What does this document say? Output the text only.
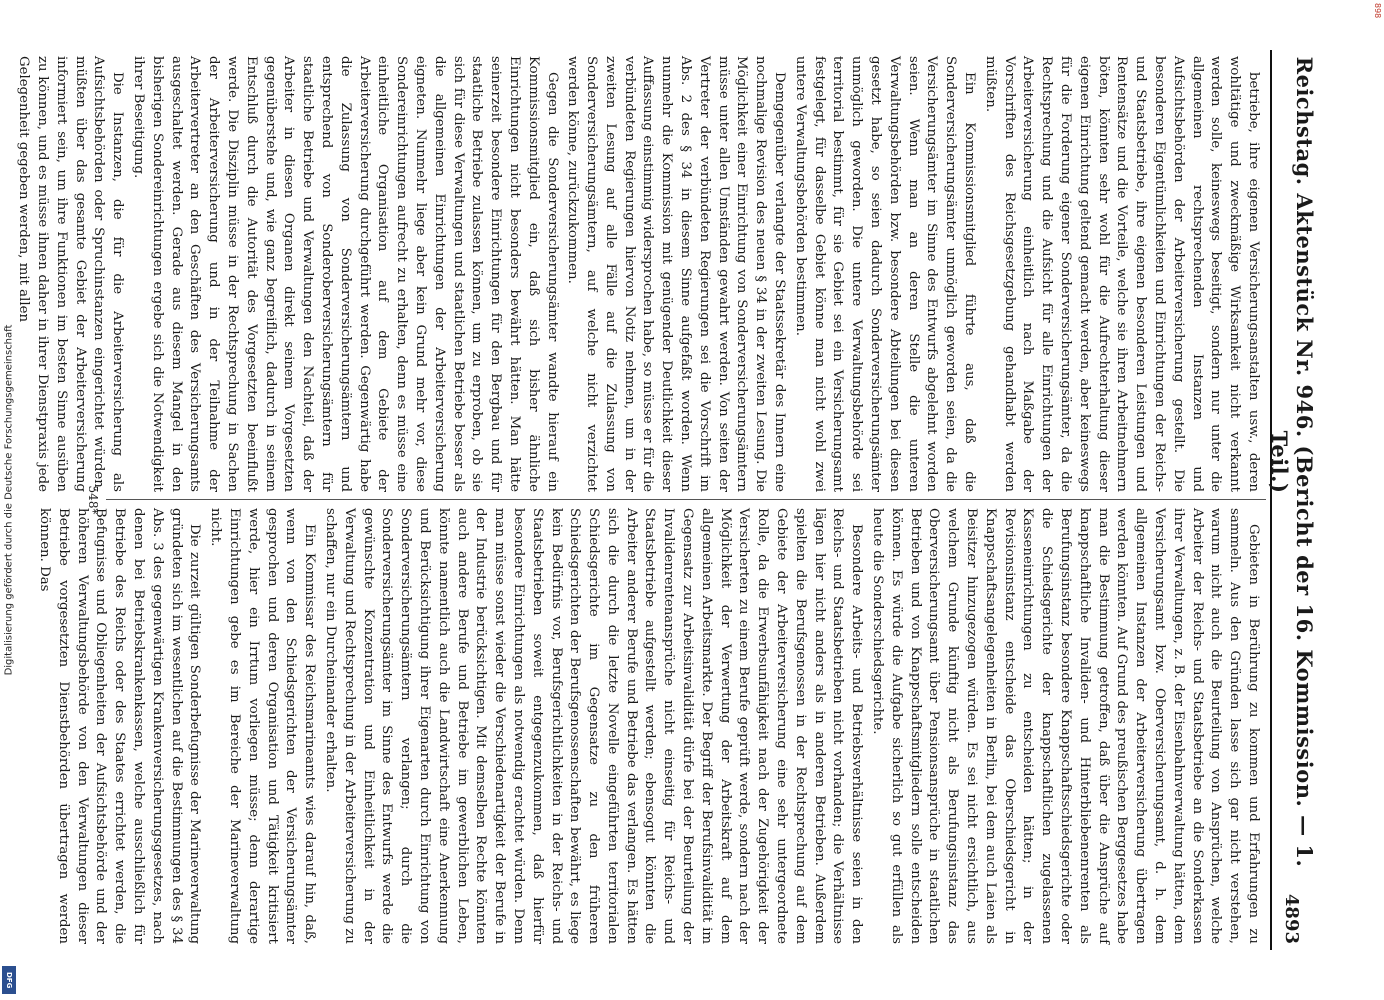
Digitalisierung gefördert durch die Deutsche Forschungsgemeinschaft
DFG
898
Reichstag. Aktenstück Nr. 946. (Bericht der 16. Kommission. — 1. Teil.)
4893

betriebe, ihre eigenen Versicherungsanstalten usw., deren wohltätige und zweckmäßige Wirksamkeit nicht verkannt werden solle, keineswegs beseitigt, sondern nur unter die allgemeinen rechtsprechenden Instanzen und Aufsichtsbehörden der Arbeiterversicherung gestellt. Die besonderen Eigentümlichkeiten und Einrichtungen der Reichs- und Staatsbetriebe, ihre eigenen besonderen Leistungen und Rentensätze und die Vorteile, welche sie ihren Arbeitnehmern böten, könnten sehr wohl für die Aufrechterhaltung dieser eigenen Einrichtung geltend gemacht werden, aber keineswegs für die Forderung eigener Sonderversicherungsämter, da die Rechtsprechung und die Aufsicht für alle Einrichtungen der Arbeiterversicherung einheitlich nach Maßgabe der Vorschriften des Reichsgesetzgebung gehandhabt werden müßten.

Ein Kommissionsmitglied führte aus, daß die Sonderversicherungsämter unmöglich geworden seien, da die Versicherungsämter im Sinne des Entwurfs abgelehnt worden seien. Wenn man an deren Stelle die unteren Verwaltungsbehörden bzw. besondere Abteilungen bei diesen gesetzt habe, so seien dadurch Sonderversicherungsämter unmöglich geworden. Die untere Verwaltungsbehörde sei territorial bestimmt, für sie Gebiet sei ein Versicherungsamt festgelegt, für dasselbe Gebiet könne man nicht wohl zwei untere Verwaltungsbehörden bestimmen.

Demgegenüber verlangte der Staatssekretär des Innern eine nochmalige Revision des neuen § 34 in der zweiten Lesung. Die Möglichkeit einer Einrichtung von Sonderversicherungsämtern müsse unter allen Umständen gewahrt werden. Von seiten der Vertreter der verbündeten Regierungen sei die Vorschrift im Abs. 2 des § 34 in diesem Sinne aufgefaßt worden. Wenn nunmehr die Kommission mit genügender Deutlichkeit dieser Auffassung einstimmig widersprochen habe, so müsse er für die verbündeten Regierungen hiervon Notiz nehmen, um in der zweiten Lesung auf alle Fälle auf die Zulassung von Sonderversicherungsämtern, auf welche nicht verzichtet werden könne, zurückzukommen.

Gegen die Sonderversicherungsämter wandte hierauf ein Kommissionsmitglied ein, daß sich bisher ähnliche Einrichtungen nicht besonders bewährt hätten. Man hätte seinerzeit besondere Einrichtungen für den Bergbau und für staatliche Betriebe zulassen können, um zu erproben, ob sie sich für diese Verwaltungen und staatlichen Betriebe besser als die allgemeinen Einrichtungen der Arbeiterversicherung eigneten. Nunmehr liege aber kein Grund mehr vor, diese Sondereinrichtungen aufrecht zu erhalten, denn es müsse eine einheitliche Organisation auf dem Gebiete der Arbeiterversicherung durchgeführt werden. Gegenwärtig habe die Zulassung von Sonderversicherungsämtern und entsprechend von Sonderoberversicherungsämtern für staatliche Betriebe und Verwaltungen den Nachteil, daß der Arbeiter in diesen Organen direkt seinem Vorgesetzten gegenüberstehe und, wie ganz begreiflich, dadurch in seinem Entschluß durch die Autorität des Vorgesetzten beeinflußt werde. Die Disziplin müsse in der Rechtsprechung in Sachen der Arbeiterversicherung und in der Teilnahme der Arbeitervertreter an den Geschäften des Versicherungsamts ausgeschaltet werden. Gerade aus diesem Mangel in den bisherigen Sondereinrichtungen ergebe sich die Notwendigkeit ihrer Beseitigung.

Die Instanzen, die für die Arbeiterversicherung als Aufsichtsbehörden oder Spruchinstanzen eingerichtet würden, müßten über das gesamte Gebiet der Arbeiterversicherung informiert sein, um ihre Funktionen im besten Sinne ausüben zu können, und es müsse ihnen daher in ihrer Dienstpraxis jede Gelegenheit gegeben werden, mit allen

Gebieten in Berührung zu kommen und Erfahrungen zu sammeln. Aus den Gründen lasse sich gar nicht verstehen, warum nicht auch die Beurteilung von Ansprüchen, welche Arbeiter der Reichs- und Staatsbetriebe an die Sonderkassen ihrer Verwaltungen, z. B. der Eisenbahnverwaltung hätten, dem Versicherungsamt bzw. Oberversicherungsamt, d. h. dem allgemeinen Instanzen der Arbeiterversicherung übertragen werden könnten. Auf Grund des preußischen Berggesetzes habe man die Bestimmung getroffen, daß über die Ansprüche auf knappschaftliche Invaliden- und Hinterbliebenenrenten als Berufungsinstanz besondere Knappschaftsschiedsgerichte oder die Schiedsgerichte der knappschaftlichen zugelassenen Kasseneinrichtungen zu entscheiden hätten; in der Revisionsinstanz entscheide das Oberschiedsgericht in Knappschaftsangelegenheiten in Berlin, bei dem auch Laien als Beisitzer hinzugezogen würden. Es sei nicht ersichtlich, aus welchem Grunde künftig nicht als Berufungsinstanz das Oberversicherungsamt über Pensionsansprüche in staatlichen Betrieben und von Knappschaftsmitgliedern solle entscheiden können. Es würde die Aufgabe sicherlich so gut erfüllen als heute die Sonderschiedsgerichte.

Besondere Arbeits- und Betriebsverhältnisse seien in den Reichs- und Staatsbetrieben nicht vorhanden; die Verhältnisse lägen hier nicht anders als in anderen Betrieben. Außerdem spielten die Berufsgenossen in der Rechtsprechung auf dem Gebiete der Arbeiterversicherung eine sehr untergeordnete Rolle, da die Erwerbsunfähigkeit nach der Zugehörigkeit der Versicherten zu einem Berufe geprüft werde, sondern nach der Möglichkeit der Verwertung der Arbeitskraft auf dem allgemeinen Arbeitsmarkte. Der Begriff der Berufsinvalidität im Gegensatz zur Arbeitsinvalidität dürfe bei der Beurteilung der Invalidenrentenansprüche nicht einseitig für Reichs- und Staatsbetriebe aufgestellt werden; ebensogut könnten die Arbeiter anderer Berufe und Betriebe das verlangen. Es hätten sich die durch die letzte Novelle eingeführten territorialen Schiedsgerichte im Gegensatze zu den früheren Schiedsgerichten der Berufsgenossenschaften bewährt, es liege kein Bedürfnis vor, Berufsgerichtlichkeiten in der Reichs- und Staatsbetrieben soweit entgegenzukommen, daß hierfür besondere Einrichtungen als notwendig erachtet würden. Denn man müsse sonst wieder die Verschiedenartigkeit der Berufe in der Industrie berücksichtigen. Mit demselben Rechte könnten auch andere Berufe und Betriebe im gewerblichen Leben, könnte namentlich auch die Landwirtschaft eine Anerkennung und Berücksichtigung ihrer Eigenarten durch Einrichtung von Sonderversicherungsämtern verlangen; durch die Sonderversicherungsämter im Sinne des Entwurfs werde die gewünschte Konzentration und Einheitlichkeit in der Verwaltung und Rechtsprechung in der Arbeiterversicherung zu schaffen, nur ein Durcheinander erhalten.

Ein Kommissar des Reichsmarineamts wies darauf hin, daß, wenn von den Schiedsgerichten der Versicherungsämter gesprochen und deren Organisation und Tätigkeit kritisiert werde, hier ein Irrtum vorliegen müsse; denn derartige Einrichtungen gebe es im Bereiche der Marineverwaltung nicht.

Die zurzeit gültigen Sonderbefugnisse der Marineverwaltung gründeten sich im wesentlichen auf die Bestimmungen des § 34 Abs. 3 des gegenwärtigen Krankenversicherungsgesetzes, nach denen bei Betriebskrankenkassen, welche ausschließlich für Betriebe des Reichs oder des Staates errichtet werden, die Befugnisse und Obliegenheiten der Aufsichtsbehörde und der höheren Verwaltungsbehörde von den Verwaltungen dieser Betriebe vorgesetzten Dienstbehörden übertragen werden können. Das

548*
